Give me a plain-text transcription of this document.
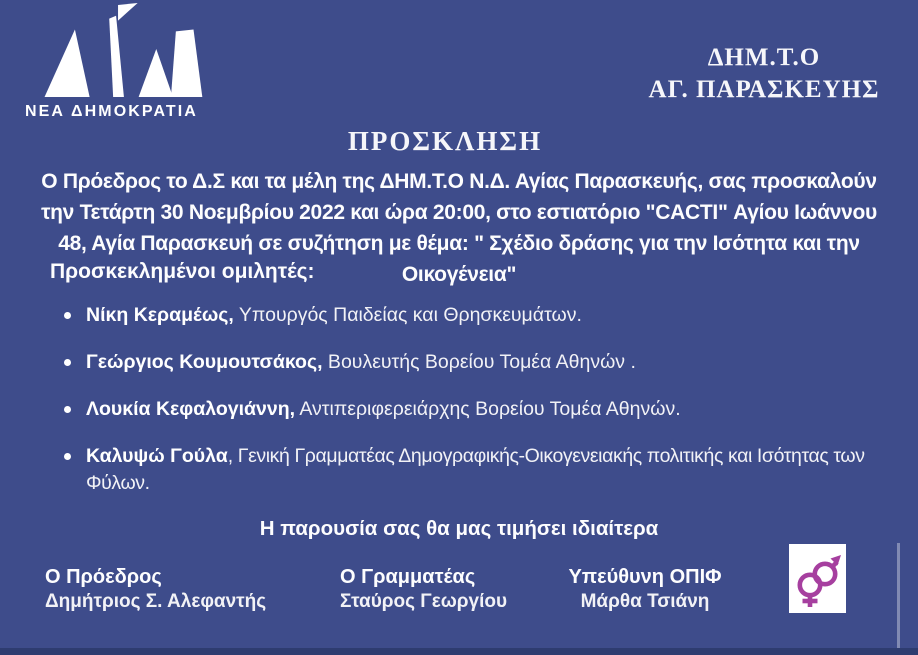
ΝΕΑ ΔΗΜΟΚΡΑΤΙΑ
ΔΗΜ.Τ.Ο
ΑΓ. ΠΑΡΑΣΚΕΥΗΣ
ΠΡΟΣΚΛΗΣΗ

Ο Πρόεδρος το Δ.Σ και τα μέλη της ΔΗΜ.Τ.Ο Ν.Δ. Αγίας Παρασκευής, σας προσκαλούν την Τετάρτη 30 Νοεμβρίου 2022 και ώρα 20:00, στο εστιατόριο "CACTI" Αγίου Ιωάννου 48, Αγία Παρασκευή σε συζήτηση με θέμα: " Σχέδιο δράσης για την Ισότητα και την Οικογένεια"

Προσκεκλημένοι ομιλητές:
Νίκη Κεραμέως, Υπουργός Παιδείας και Θρησκευμάτων.
Γεώργιος Κουμουτσάκος, Βουλευτής Βορείου Τομέα Αθηνών .
Λουκία Κεφαλογιάννη, Αντιπεριφερειάρχης Βορείου Τομέα Αθηνών.
Καλυψώ Γούλα, Γενική Γραμματέας Δημογραφικής-Οικογενειακής πολιτικής και Ισότητας των Φύλων.

Η παρουσία σας θα μας τιμήσει ιδιαίτερα

Ο Πρόεδρος
Δημήτριος Σ. Αλεφαντής
Ο Γραμματέας
Σταύρος Γεωργίου
Υπεύθυνη ΟΠΙΦ
Μάρθα Τσιάνη
